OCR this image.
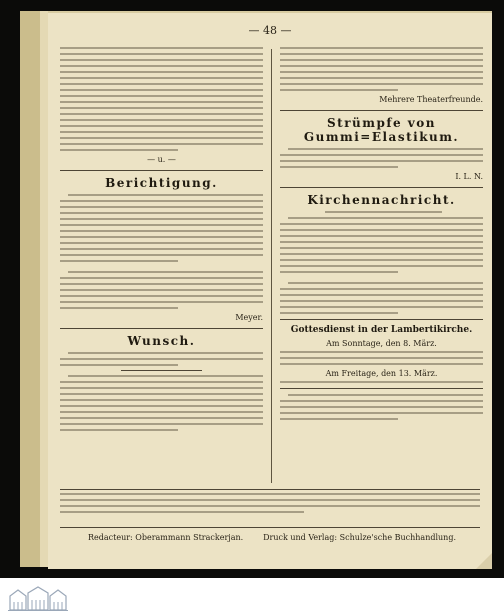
— 48 —
— u. —
Berichtigung.
Meyer.
Wunsch.
Mehrere Theaterfreunde.
Strümpfe von Gummi=Elastikum.
I. L. N.
Kirchennachricht.
Gottesdienst in der Lambertikirche.
Am Sonntage, den 8. März.
Am Freitage, den 13. März.
Redacteur: Oberammann Strackerjan. Druck und Verlag: Schulze'sche Buchhandlung.
